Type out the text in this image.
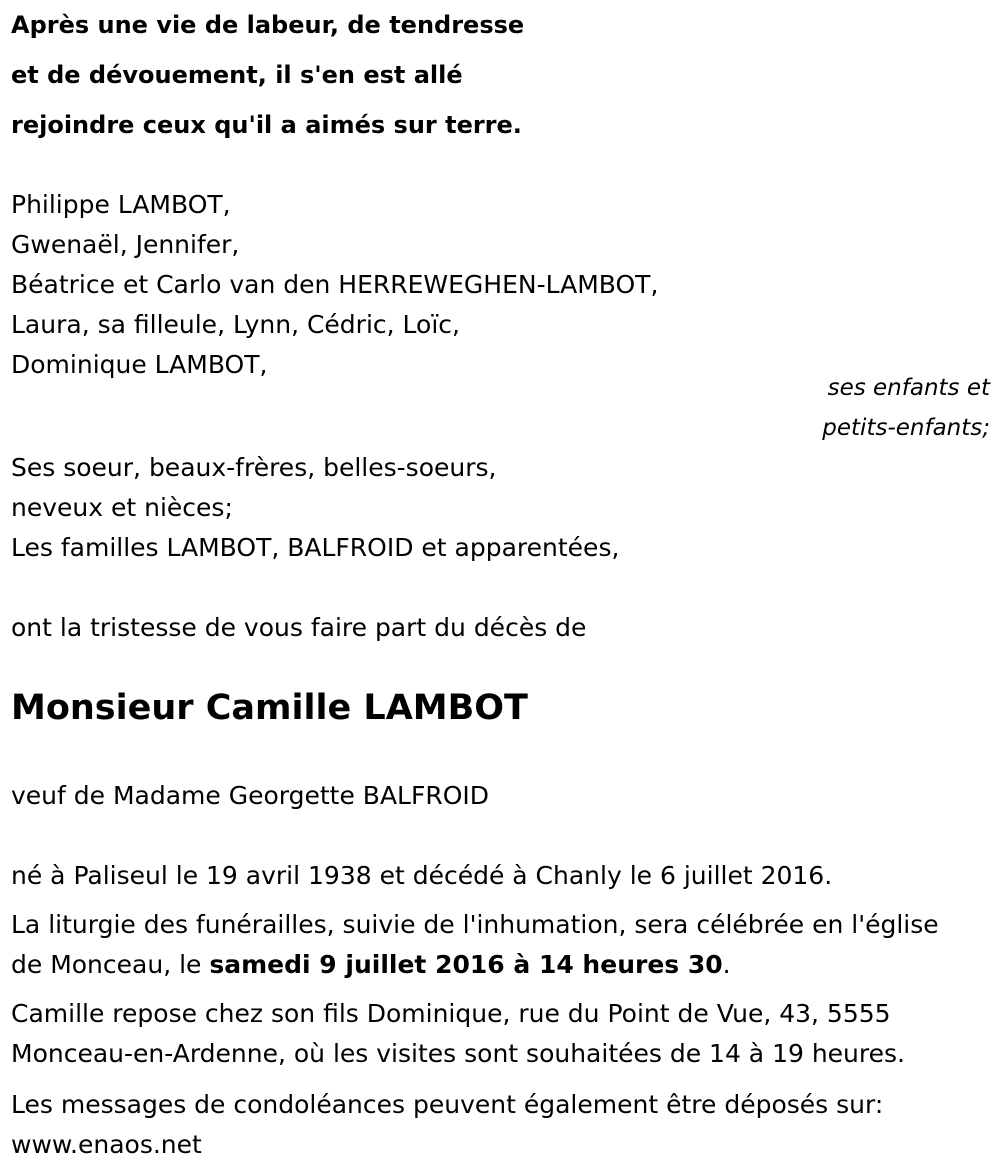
Après une vie de labeur, de tendresse

et de dévouement, il s'en est allé

rejoindre ceux qu'il a aimés sur terre.

Philippe LAMBOT,

Gwenaël, Jennifer,

Béatrice et Carlo van den HERREWEGHEN-LAMBOT,

Laura, sa filleule, Lynn, Cédric, Loïc,

Dominique LAMBOT,

ses enfants et

petits-enfants;

Ses soeur, beaux-frères, belles-soeurs,

neveux et nièces;

Les familles LAMBOT, BALFROID et apparentées,

ont la tristesse de vous faire part du décès de

Monsieur Camille LAMBOT

veuf de Madame Georgette BALFROID

né à Paliseul le 19 avril 1938 et décédé à Chanly le 6 juillet 2016.

La liturgie des funérailles, suivie de l'inhumation, sera célébrée en l'église

de Monceau, le samedi 9 juillet 2016 à 14 heures 30.

Camille repose chez son fils Dominique, rue du Point de Vue, 43, 5555

Monceau-en-Ardenne, où les visites sont souhaitées de 14 à 19 heures.

Les messages de condoléances peuvent également être déposés sur:

www.enaos.net
